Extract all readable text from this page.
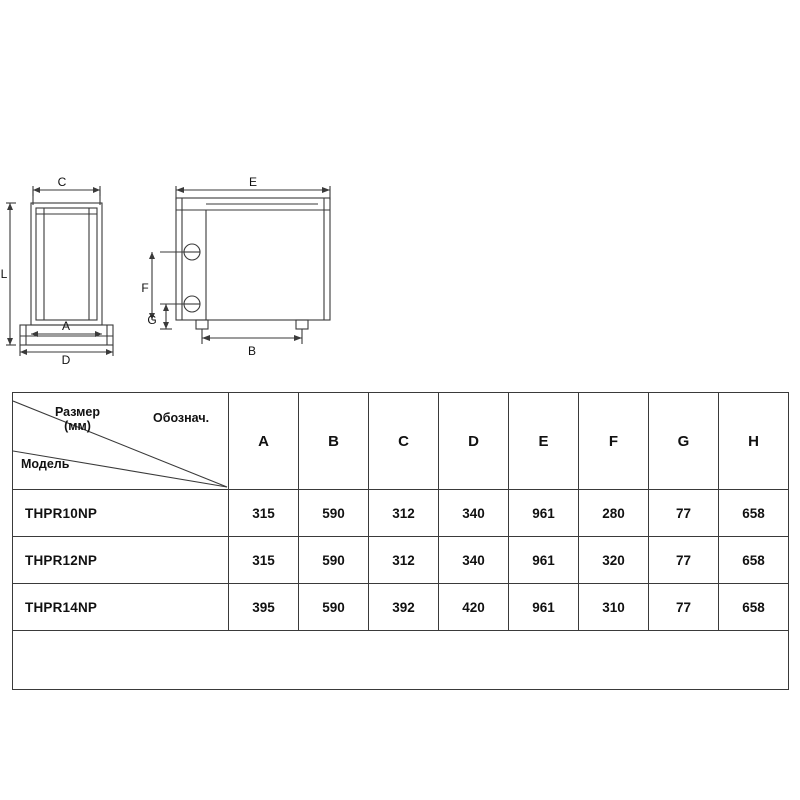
C
L
A
D
E
F
G
B
Размер
(мм)
Обознач.
Модель	A	B	C	D	E	F	G	H
THPR10NP	315	590	312	340	961	280	77	658
THPR12NP	315	590	312	340	961	320	77	658
THPR14NP	395	590	392	420	961	310	77	658
